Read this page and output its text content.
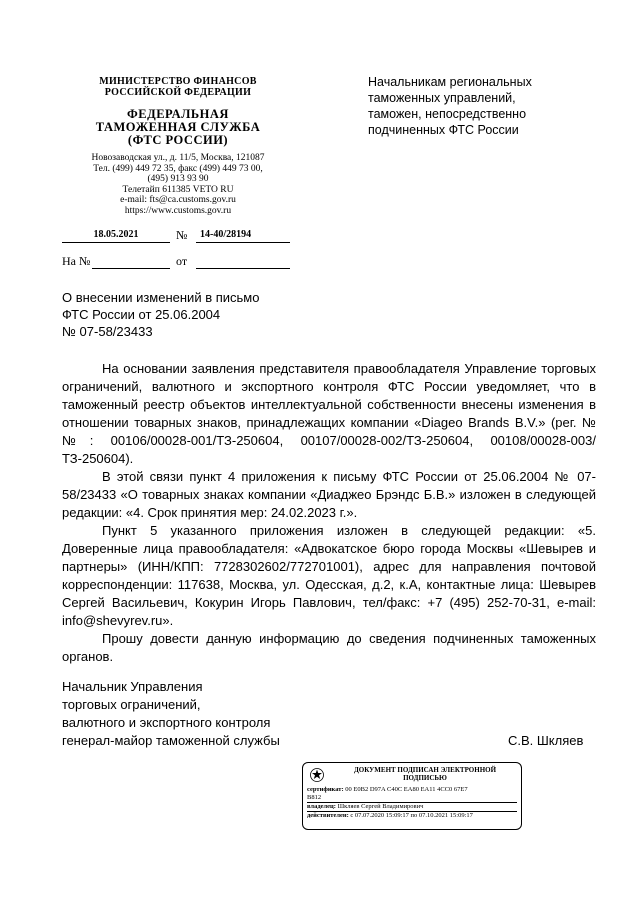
МИНИСТЕРСТВО ФИНАНСОВ
РОССИЙСКОЙ ФЕДЕРАЦИИ
ФЕДЕРАЛЬНАЯ
ТАМОЖЕННАЯ СЛУЖБА
(ФТС РОССИИ)
Новозаводская ул., д. 11/5, Москва, 121087
Тел. (499) 449 72 35, факс (499) 449 73 00,
(495) 913 93 90
Телетайп 611385 VETO RU
e-mail: fts@ca.customs.gov.ru
https://www.customs.gov.ru
Начальникам региональных
таможенных управлений,
таможен, непосредственно
подчиненных ФТС России
18.05.2021	№	14-40/28194
На №	от
О внесении изменений в письмо
ФТС России от 25.06.2004
№ 07-58/23433

На основании заявления представителя правообладателя Управление торговых ограничений, валютного и экспортного контроля ФТС России уведомляет, что в таможенный реестр объектов интеллектуальной собственности внесены изменения в отношении товарных знаков, принадлежащих компании «Diageo Brands B.V.» (рег. №№: 00106/00028-001/ТЗ-250604, 00107/00028-002/ТЗ-250604, 00108/00028-003/ТЗ-250604).

В этой связи пункт 4 приложения к письму ФТС России от 25.06.2004 № 07-58/23433 «О товарных знаках компании «Диаджео Брэндс Б.В.» изложен в следующей редакции: «4. Срок принятия мер: 24.02.2023 г.».

Пункт 5 указанного приложения изложен в следующей редакции: «5. Доверенные лица правообладателя: «Адвокатское бюро города Москвы «Шевырев и партнеры» (ИНН/КПП: 7728302602/772701001), адрес для направления почтовой корреспонденции: 117638, Москва, ул. Одесская, д.2, к.А, контактные лица: Шевырев Сергей Васильевич, Кокурин Игорь Павлович, тел/факс: +7 (495) 252-70-31, e-mail: info@shevyrev.ru».

Прошу довести данную информацию до сведения подчиненных таможенных органов.

Начальник Управления
торговых ограничений,
валютного и экспортного контроля
генерал-майор таможенной службы	С.В. Шкляев
ДОКУМЕНТ ПОДПИСАН ЭЛЕКТРОННОЙ
ПОДПИСЬЮ
сертификат: 00 E0B2 D97A C40C EA80 EA11 4CC0 67E7
B812
владелец: Шкляев Сергей Владимирович
действителен: с 07.07.2020 15:09:17 по 07.10.2021 15:09:17
